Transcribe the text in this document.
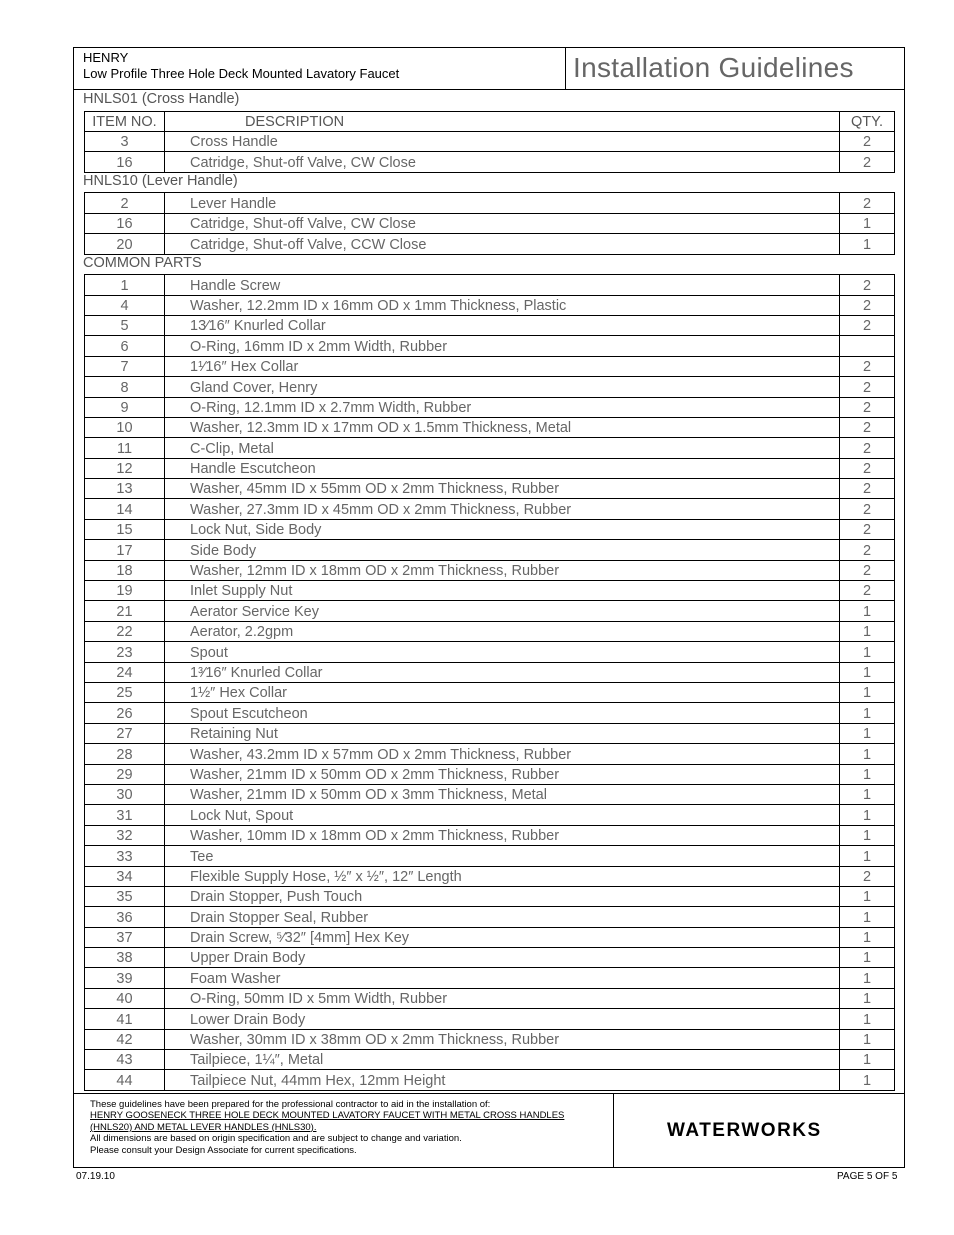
HENRY
Low Profile Three Hole Deck Mounted Lavatory Faucet	Installation Guidelines
HNLS01 (Cross Handle)
ITEM NO.	DESCRIPTION	QTY.
3	Cross Handle	2
16	Catridge, Shut-off Valve, CW Close	2
HNLS10 (Lever Handle)
2	Lever Handle	2
16	Catridge, Shut-off Valve, CW Close	1
20	Catridge, Shut-off Valve, CCW Close	1
COMMON PARTS
1	Handle Screw	2
4	Washer, 12.2mm ID x 16mm OD x 1mm Thickness, Plastic	2
5	13⁄16″ Knurled Collar	2
6	O-Ring, 16mm ID x 2mm Width, Rubber	
7	1¹⁄16″ Hex Collar	2
8	Gland Cover, Henry	2
9	O-Ring, 12.1mm ID x 2.7mm Width, Rubber	2
10	Washer, 12.3mm ID x 17mm OD x 1.5mm Thickness, Metal	2
11	C-Clip, Metal	2
12	Handle Escutcheon	2
13	Washer, 45mm ID x 55mm OD x 2mm Thickness, Rubber	2
14	Washer, 27.3mm ID x 45mm OD x 2mm Thickness, Rubber	2
15	Lock Nut, Side Body	2
17	Side Body	2
18	Washer, 12mm ID x 18mm OD x 2mm Thickness, Rubber	2
19	Inlet Supply Nut	2
21	Aerator Service Key	1
22	Aerator, 2.2gpm	1
23	Spout	1
24	1³⁄16″ Knurled Collar	1
25	1½″ Hex Collar	1
26	Spout Escutcheon	1
27	Retaining Nut	1
28	Washer, 43.2mm ID x 57mm OD x 2mm Thickness, Rubber	1
29	Washer, 21mm ID x 50mm OD x 2mm Thickness, Rubber	1
30	Washer, 21mm ID x 50mm OD x 3mm Thickness, Metal	1
31	Lock Nut, Spout	1
32	Washer, 10mm ID x 18mm OD x 2mm Thickness, Rubber	1
33	Tee	1
34	Flexible Supply Hose, ½″ x ½″, 12″ Length	2
35	Drain Stopper, Push Touch	1
36	Drain Stopper Seal, Rubber	1
37	Drain Screw, ⁵⁄32″ [4mm] Hex Key	1
38	Upper Drain Body	1
39	Foam Washer	1
40	O-Ring, 50mm ID x 5mm Width, Rubber	1
41	Lower Drain Body	1
42	Washer, 30mm ID x 38mm OD x 2mm Thickness, Rubber	1
43	Tailpiece, 1¼″, Metal	1
44	Tailpiece Nut, 44mm Hex, 12mm Height	1
These guidelines have been prepared for the professional contractor to aid in the installation of:
HENRY GOOSENECK THREE HOLE DECK MOUNTED LAVATORY FAUCET WITH METAL CROSS HANDLES
(HNLS20) AND METAL LEVER HANDLES (HNLS30).
All dimensions are based on origin specification and are subject to change and variation.
Please consult your Design Associate for current specifications.
WATERWORKS
07.19.10	PAGE 5 OF 5
